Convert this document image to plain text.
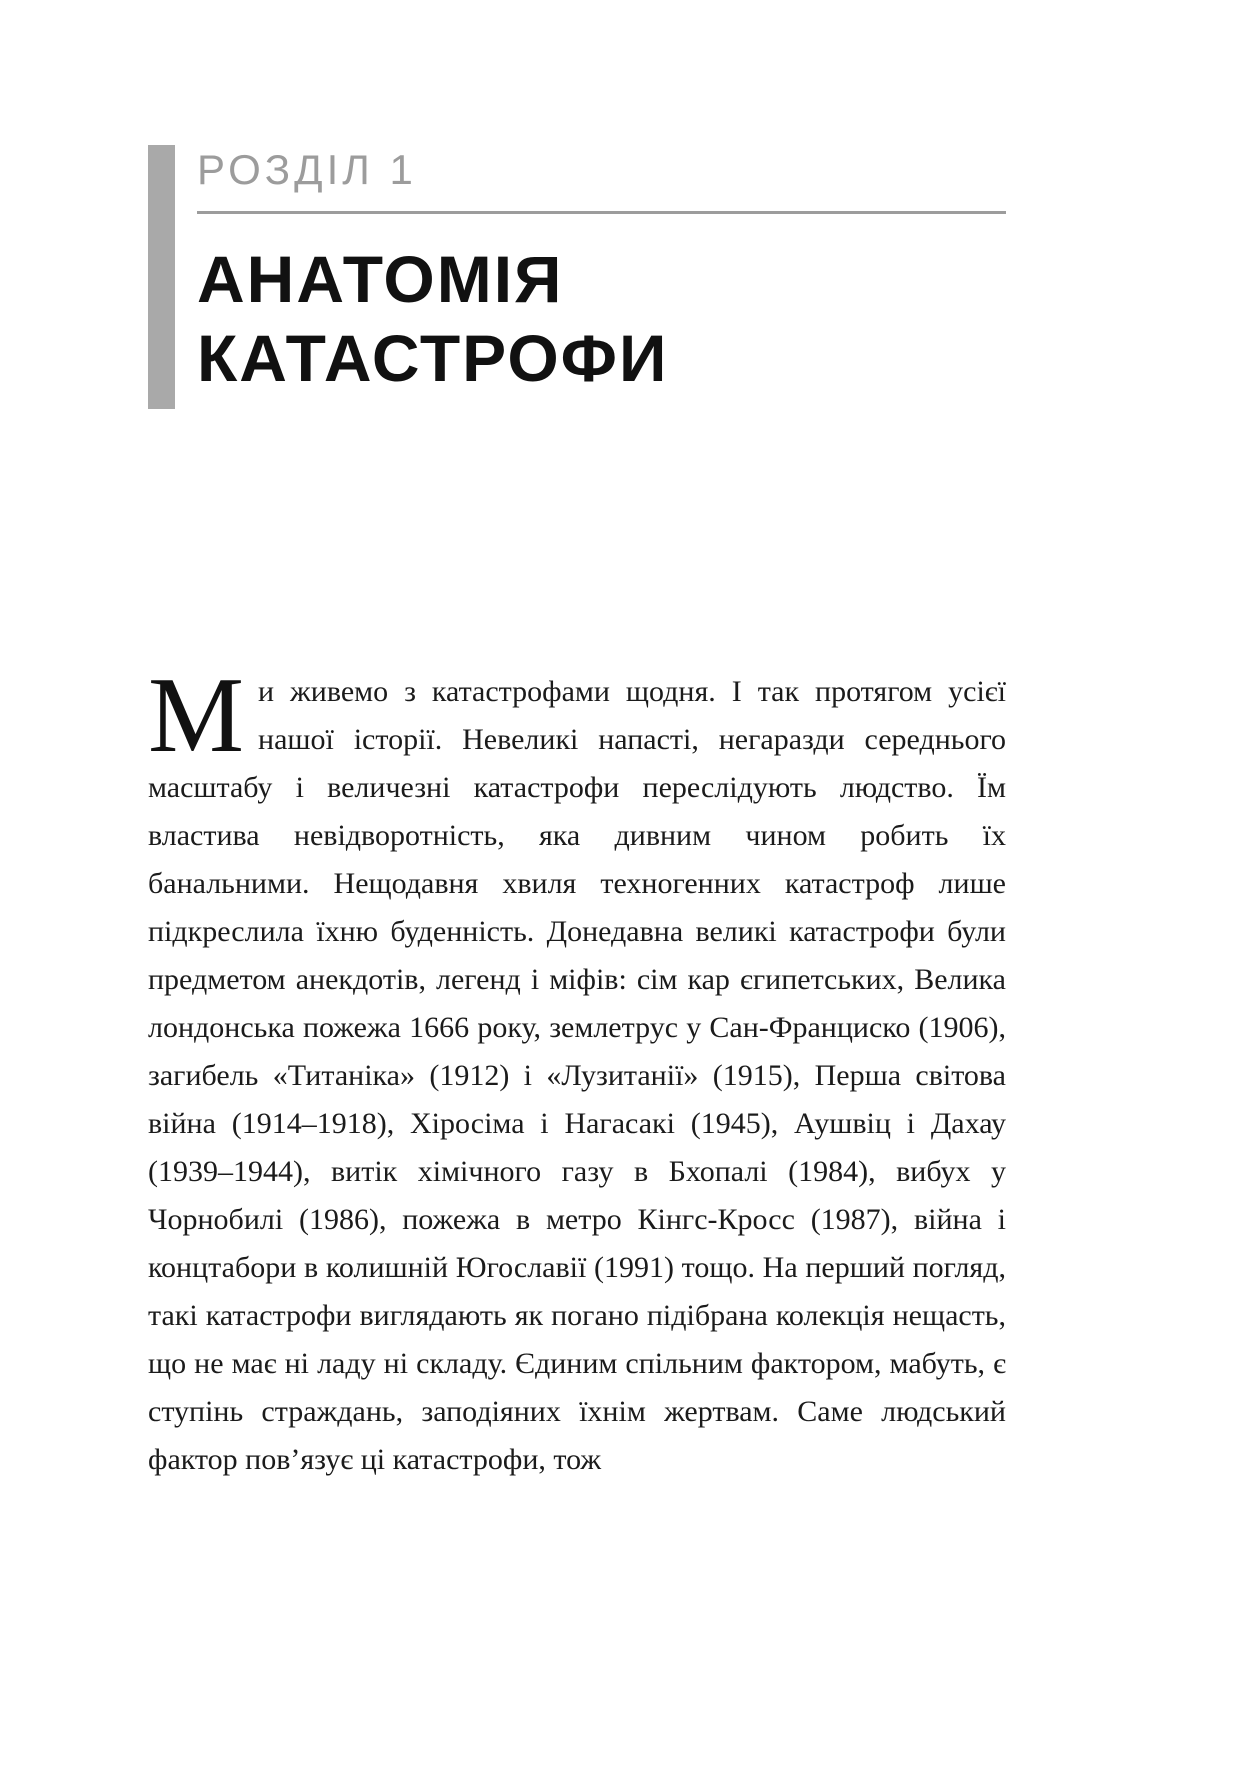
РОЗДІЛ 1
АНАТОМІЯ
КАТАСТРОФИ

Ми живемо з катастрофами щодня. І так протягом усієї нашої історії. Невеликі напасті, негаразди середнього масштабу і величезні катастрофи переслідують людство. Їм властива невідворотність, яка дивним чином робить їх банальними. Нещодавня хвиля техногенних катастроф лише підкреслила їхню буденність. Донедавна великі катастрофи були предметом анекдотів, легенд і міфів: сім кар єгипетських, Велика лондонська пожежа 1666 року, землетрус у Сан-Франциско (1906), загибель «Титаніка» (1912) і «Лузитанії» (1915), Перша світова війна (1914–1918), Хіросіма і Нагасакі (1945), Аушвіц і Дахау (1939–1944), витік хімічного газу в Бхопалі (1984), вибух у Чорнобилі (1986), пожежа в метро Кінгс-Кросс (1987), війна і концтабори в колишній Югославії (1991) тощо. На перший погляд, такі катастрофи виглядають як погано підібрана колекція нещасть, що не має ні ладу ні складу. Єдиним спільним фактором, мабуть, є ступінь страждань, заподіяних їхнім жертвам. Саме людський фактор пов’язує ці катастрофи, тож
